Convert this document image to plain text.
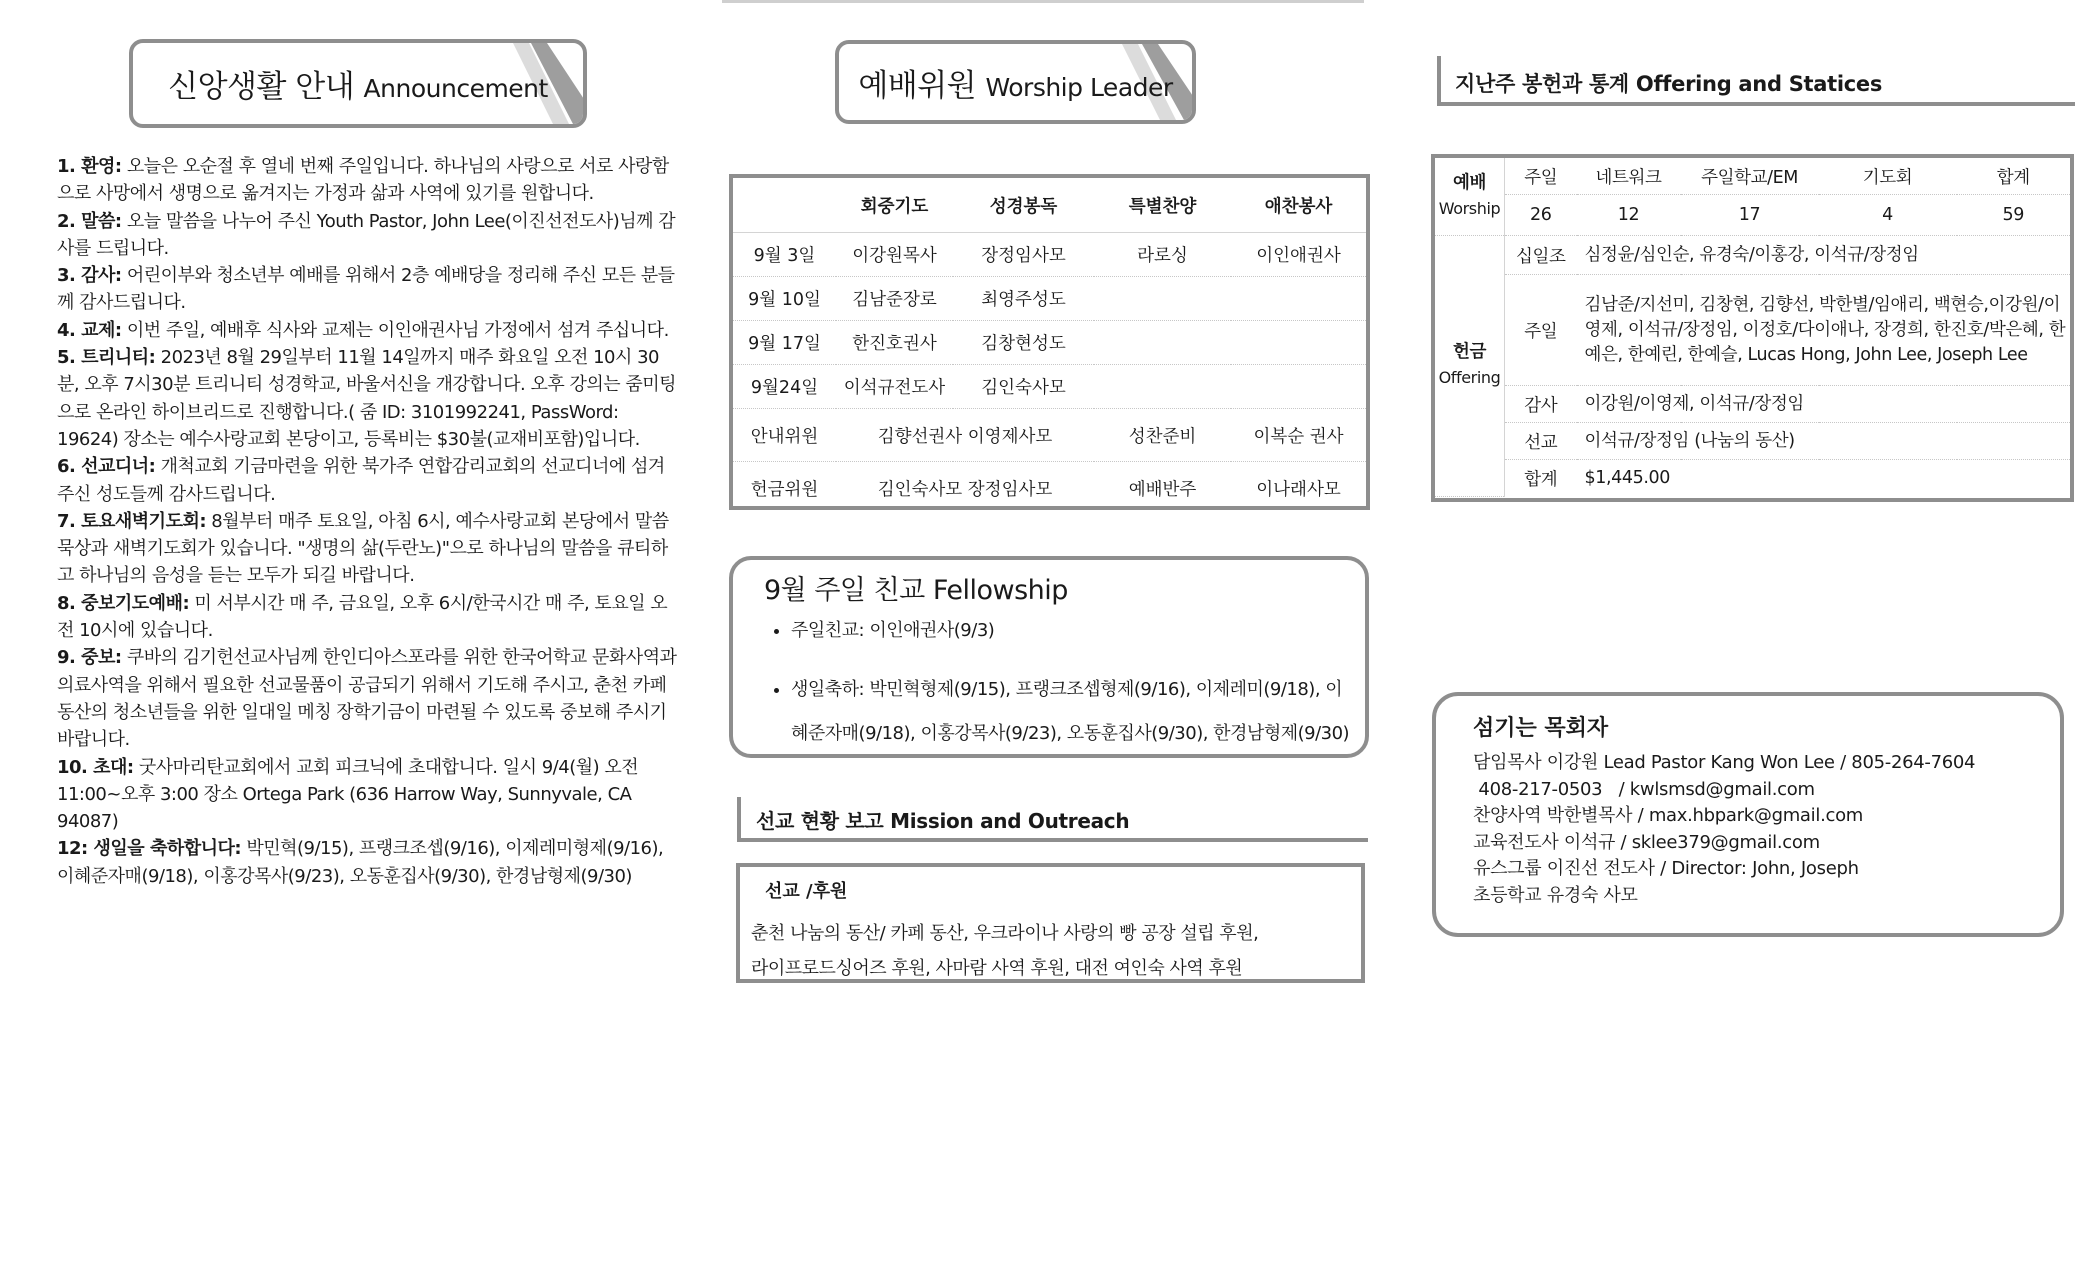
신앙생활 안내 Announcement

1. 환영: 오늘은 오순절 후 열네 번째 주일입니다. 하나님의 사랑으로 서로 사랑함으로 사망에서 생명으로 옮겨지는 가정과 삶과 사역에 있기를 원합니다.

2. 말씀: 오늘 말씀을 나누어 주신 Youth Pastor, John Lee(이진선전도사)님께 감사를 드립니다.

3. 감사: 어린이부와 청소년부 예배를 위해서 2층 예배당을 정리해 주신 모든 분들께 감사드립니다.

4. 교제: 이번 주일, 예배후 식사와 교제는 이인애권사님 가정에서 섬겨 주십니다.

5. 트리니티: 2023년 8월 29일부터 11월 14일까지 매주 화요일 오전 10시 30분, 오후 7시30분 트리니티 성경학교, 바울서신을 개강합니다. 오후 강의는 줌미팅으로 온라인 하이브리드로 진행합니다.( 줌 ID: 3101992241, PassWord: 19624) 장소는 예수사랑교회 본당이고, 등록비는 $30불(교재비포함)입니다.

6. 선교디너: 개척교회 기금마련을 위한 북가주 연합감리교회의 선교디너에 섬겨주신 성도들께 감사드립니다.

7. 토요새벽기도회: 8월부터 매주 토요일, 아침 6시, 예수사랑교회 본당에서 말씀묵상과 새벽기도회가 있습니다. "생명의 삶(두란노)"으로 하나님의 말씀을 큐티하고 하나님의 음성을 듣는 모두가 되길 바랍니다.

8. 중보기도예배: 미 서부시간 매 주, 금요일, 오후 6시/한국시간 매 주, 토요일 오전 10시에 있습니다.

9. 중보: 쿠바의 김기헌선교사님께 한인디아스포라를 위한 한국어학교 문화사역과 의료사역을 위해서 필요한 선교물품이 공급되기 위해서 기도해 주시고, 춘천 카페 동산의 청소년들을 위한 일대일 메칭 장학기금이 마련될 수 있도록 중보해 주시기 바랍니다.

10. 초대: 굿사마리탄교회에서 교회 피크닉에 초대합니다. 일시 9/4(월) 오전 11:00~오후 3:00 장소 Ortega Park (636 Harrow Way, Sunnyvale, CA 94087)

12: 생일을 축하합니다: 박민혁(9/15), 프랭크조셉(9/16), 이제레미형제(9/16), 이혜준자매(9/18), 이홍강목사(9/23), 오동훈집사(9/30), 한경남형제(9/30)

예배위원 Worship Leader
	회중기도	성경봉독	특별찬양	애찬봉사
9월 3일	이강원목사	장정임사모	라로싱	이인애권사
9월 10일	김남준장로	최영주성도		
9월 17일	한진호권사	김창현성도		
9월24일	이석규전도사	김인숙사모		
안내위원	김향선권사 이영제사모		성찬준비	이복순 권사
헌금위원	김인숙사모 장정임사모		예배반주	이나래사모
9월 주일 친교 Fellowship
• 주일친교: 이인애권사(9/3)
• 생일축하: 박민혁형제(9/15), 프랭크조셉형제(9/16), 이제레미(9/18), 이혜준자매(9/18), 이홍강목사(9/23), 오동훈집사(9/30), 한경남형제(9/30)
선교 현황 보고 Mission and Outreach
선교 /후원
춘천 나눔의 동산/ 카페 동산, 우크라이나 사랑의 빵 공장 설립 후원,
라이프로드싱어즈 후원, 사마람 사역 후원, 대전 여인숙 사역 후원
지난주 봉헌과 통계 Offering and Statices
예배
Worship	주일	네트워크	주일학교/EM	기도회	합계
	26	12	17	4	59
헌금
Offering	십일조	심정윤/심인순, 유경숙/이홍강, 이석규/장정임			
	주일	김남준/지선미, 김창현, 김향선, 박한별/임애리, 백현승,이강원/이영제, 이석규/장정임, 이정호/다이애나, 장경희, 한진호/박은혜, 한예은, 한예린, 한예슬, Lucas Hong, John Lee, Joseph Lee			
	감사	이강원/이영제, 이석규/장정임			
	선교	이석규/장정임 (나눔의 동산)			
	합계	$1,445.00			
섬기는 목회자
담임목사 이강원 Lead Pastor Kang Won Lee / 805-264-7604
408-217-0503   / kwlsmsd@gmail.com
찬양사역 박한별목사 / max.hbpark@gmail.com
교육전도사 이석규 / sklee379@gmail.com
유스그룹 이진선 전도사 / Director: John, Joseph
초등학교 유경숙 사모
